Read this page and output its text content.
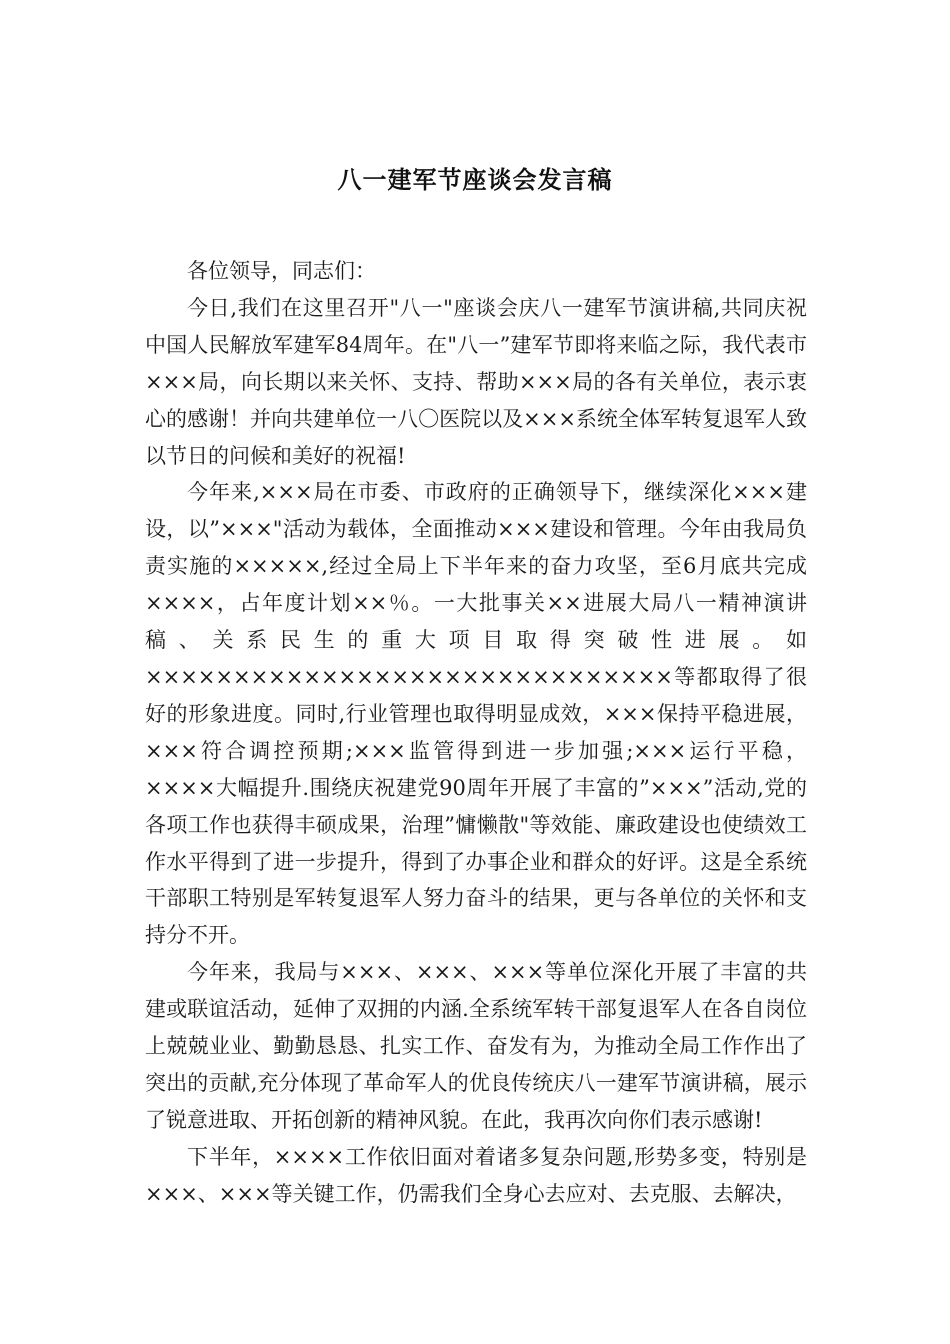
八一建军节座谈会发言稿

各位领导，同志们：

今日,我们在这里召开"八一"座谈会庆八一建军节演讲稿,共同庆祝中国人民解放军建军84周年。在"八一”建军节即将来临之际，我代表市×××局，向长期以来关怀、支持、帮助×××局的各有关单位，表示衷心的感谢！并向共建单位一八〇医院以及×××系统全体军转复退军人致以节日的问候和美好的祝福!

今年来,×××局在市委、市政府的正确领导下，继续深化×××建设，以”×××"活动为载体，全面推动×××建设和管理。今年由我局负责实施的×××××,经过全局上下半年来的奋力攻坚，至6月底共完成××××，占年度计划××％。一大批事关××进展大局八一精神演讲稿、关系民生的重大项目取得突破性进展。如××××××××××××××××××××××××××××××等都取得了很好的形象进度。同时,行业管理也取得明显成效，×××保持平稳进展，×××符合调控预期;×××监管得到进一步加强;×××运行平稳，××××大幅提升.围绕庆祝建党90周年开展了丰富的”×××”活动,党的各项工作也获得丰硕成果，治理”慵懒散"等效能、廉政建设也使绩效工作水平得到了进一步提升，得到了办事企业和群众的好评。这是全系统干部职工特别是军转复退军人努力奋斗的结果，更与各单位的关怀和支持分不开。

今年来，我局与×××、×××、×××等单位深化开展了丰富的共建或联谊活动，延伸了双拥的内涵.全系统军转干部复退军人在各自岗位上兢兢业业、勤勤恳恳、扎实工作、奋发有为，为推动全局工作作出了突出的贡献,充分体现了革命军人的优良传统庆八一建军节演讲稿，展示了锐意进取、开拓创新的精神风貌。在此，我再次向你们表示感谢!

下半年，××××工作依旧面对着诸多复杂问题,形势多变，特别是×××、×××等关键工作，仍需我们全身心去应对、去克服、去解决，
